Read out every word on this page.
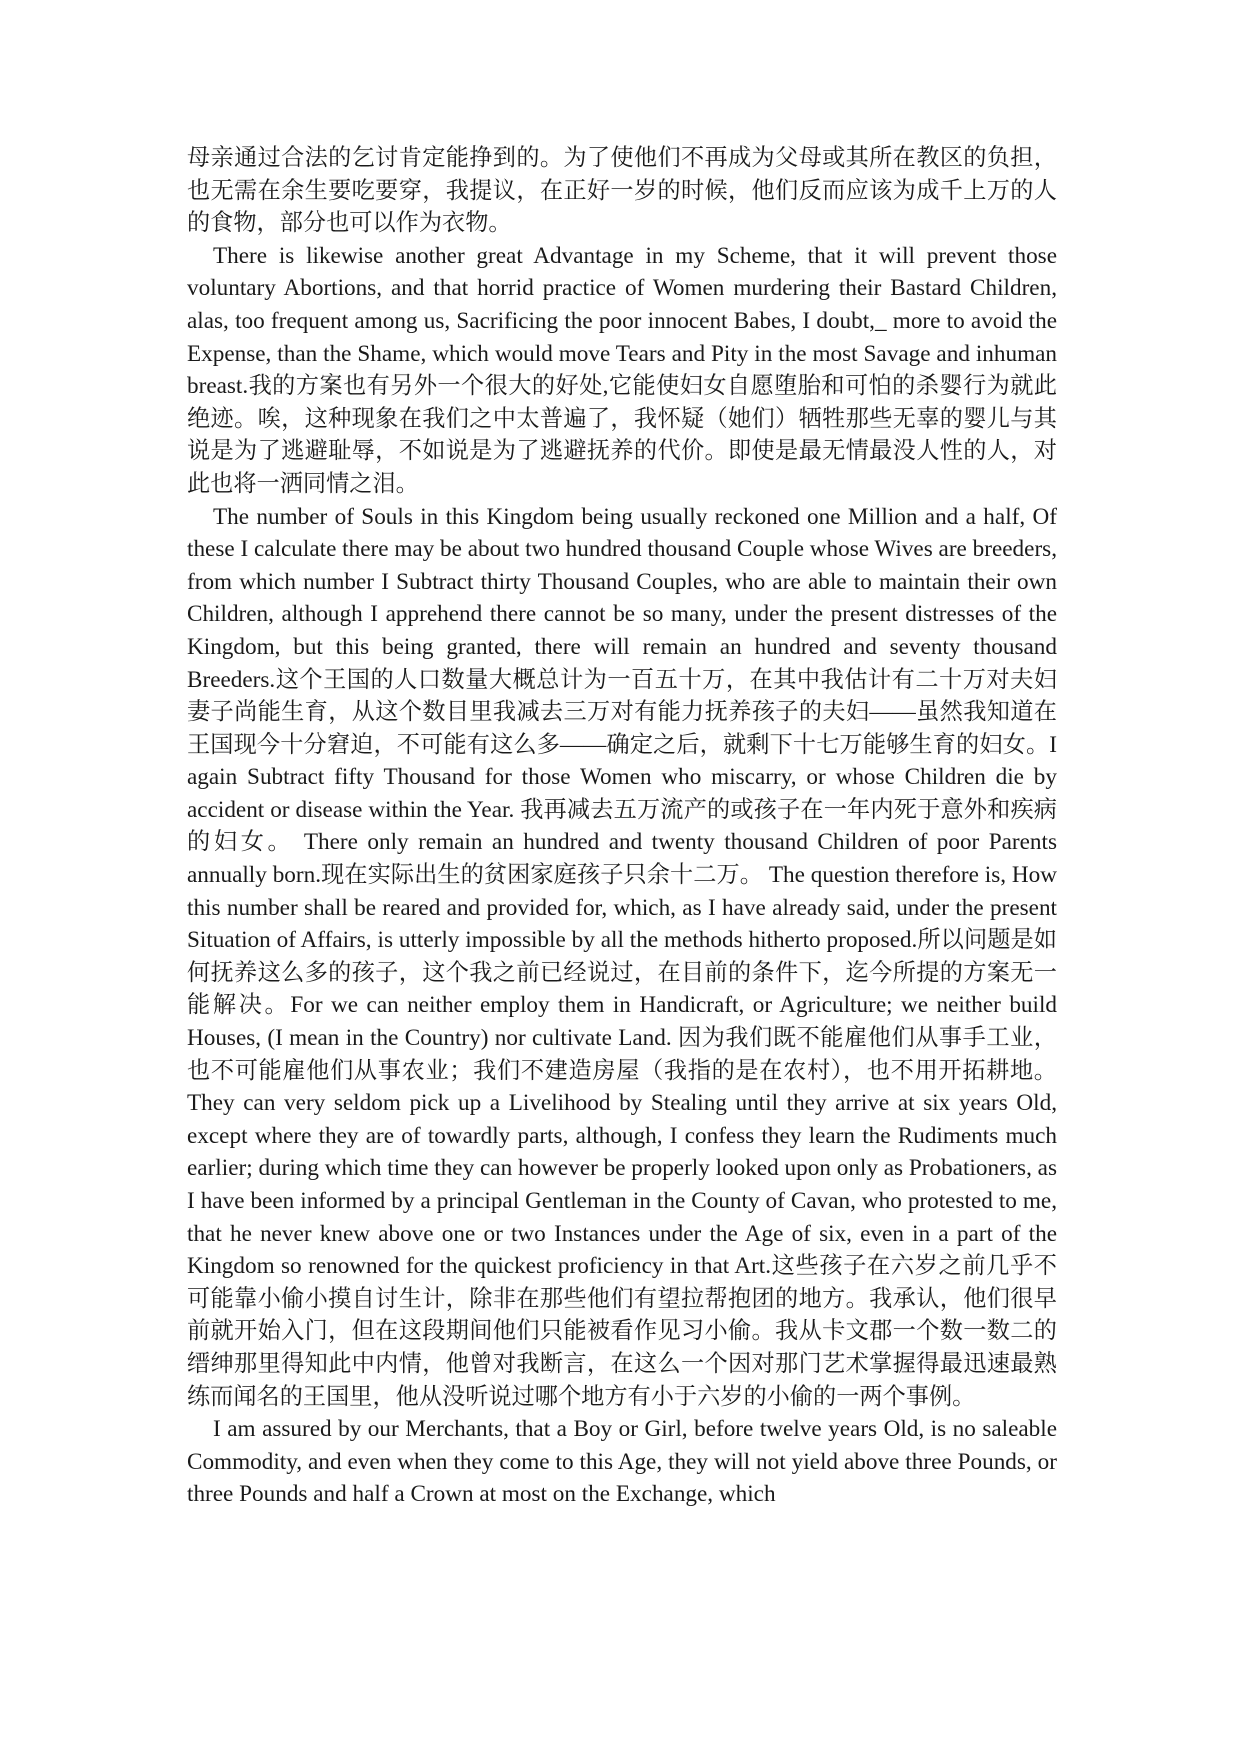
母亲通过合法的乞讨肯定能挣到的。为了使他们不再成为父母或其所在教区的负担，也无需在余生要吃要穿，我提议，在正好一岁的时候，他们反而应该为成千上万的人的食物，部分也可以作为衣物。

There is likewise another great Advantage in my Scheme, that it will prevent those voluntary Abortions, and that horrid practice of Women murdering their Bastard Children, alas, too frequent among us, Sacrificing the poor innocent Babes, I doubt,_ more to avoid the Expense, than the Shame, which would move Tears and Pity in the most Savage and inhuman breast.我的方案也有另外一个很大的好处,它能使妇女自愿堕胎和可怕的杀婴行为就此绝迹。唉，这种现象在我们之中太普遍了，我怀疑（她们）牺牲那些无辜的婴儿与其说是为了逃避耻辱，不如说是为了逃避抚养的代价。即使是最无情最没人性的人，对此也将一洒同情之泪。

The number of Souls in this Kingdom being usually reckoned one Million and a half, Of these I calculate there may be about two hundred thousand Couple whose Wives are breeders, from which number I Subtract thirty Thousand Couples, who are able to maintain their own Children, although I apprehend there cannot be so many, under the present distresses of the Kingdom, but this being granted, there will remain an hundred and seventy thousand Breeders.这个王国的人口数量大概总计为一百五十万，在其中我估计有二十万对夫妇妻子尚能生育，从这个数目里我减去三万对有能力抚养孩子的夫妇——虽然我知道在王国现今十分窘迫，不可能有这么多——确定之后，就剩下十七万能够生育的妇女。I again Subtract fifty Thousand for those Women who miscarry, or whose Children die by accident or disease within the Year. 我再减去五万流产的或孩子在一年内死于意外和疾病的妇女。 There only remain an hundred and twenty thousand Children of poor Parents annually born.现在实际出生的贫困家庭孩子只余十二万。 The question therefore is, How this number shall be reared and provided for, which, as I have already said, under the present Situation of Affairs, is utterly impossible by all the methods hitherto proposed.所以问题是如何抚养这么多的孩子，这个我之前已经说过，在目前的条件下，迄今所提的方案无一能解决。For we can neither employ them in Handicraft, or Agriculture; we neither build Houses, (I mean in the Country) nor cultivate Land. 因为我们既不能雇他们从事手工业，也不可能雇他们从事农业；我们不建造房屋（我指的是在农村），也不用开拓耕地。They can very seldom pick up a Livelihood by Stealing until they arrive at six years Old, except where they are of towardly parts, although, I confess they learn the Rudiments much earlier; during which time they can however be properly looked upon only as Probationers, as I have been informed by a principal Gentleman in the County of Cavan, who protested to me, that he never knew above one or two Instances under the Age of six, even in a part of the Kingdom so renowned for the quickest proficiency in that Art.这些孩子在六岁之前几乎不可能靠小偷小摸自讨生计，除非在那些他们有望拉帮抱团的地方。我承认，他们很早前就开始入门，但在这段期间他们只能被看作见习小偷。我从卡文郡一个数一数二的缙绅那里得知此中内情，他曾对我断言，在这么一个因对那门艺术掌握得最迅速最熟练而闻名的王国里，他从没听说过哪个地方有小于六岁的小偷的一两个事例。

I am assured by our Merchants, that a Boy or Girl, before twelve years Old, is no saleable Commodity, and even when they come to this Age, they will not yield above three Pounds, or three Pounds and half a Crown at most on the Exchange, which
